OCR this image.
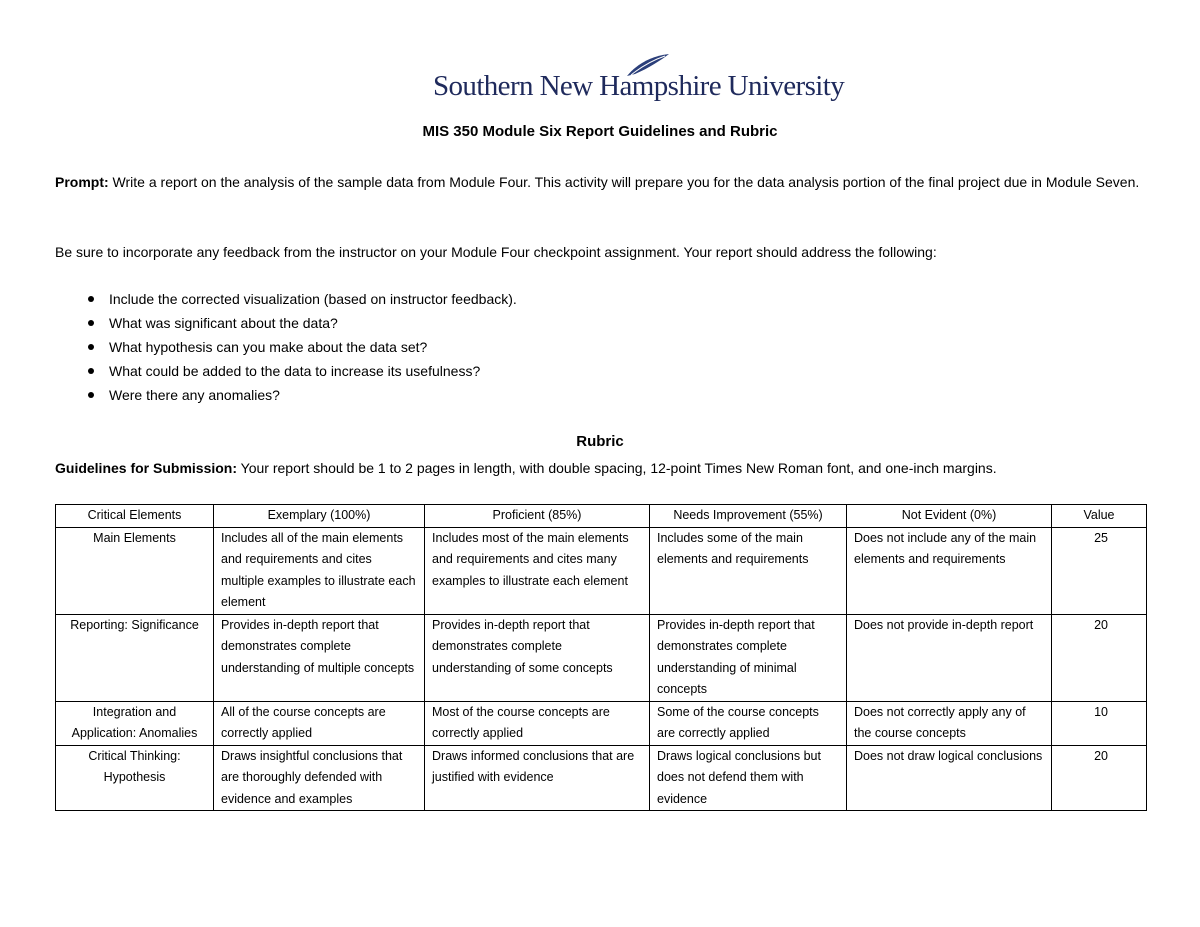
Southern New Hampshire University
MIS 350 Module Six Report Guidelines and Rubric
Prompt: Write a report on the analysis of the sample data from Module Four. This activity will prepare you for the data analysis portion of the final project due in Module Seven.
Be sure to incorporate any feedback from the instructor on your Module Four checkpoint assignment. Your report should address the following:
Include the corrected visualization (based on instructor feedback).
What was significant about the data?
What hypothesis can you make about the data set?
What could be added to the data to increase its usefulness?
Were there any anomalies?
Rubric
Guidelines for Submission: Your report should be 1 to 2 pages in length, with double spacing, 12-point Times New Roman font, and one-inch margins.
Critical Elements	Exemplary (100%)	Proficient (85%)	Needs Improvement (55%)	Not Evident (0%)	Value
Main Elements	Includes all of the main elements and requirements and cites multiple examples to illustrate each element	Includes most of the main elements and requirements and cites many examples to illustrate each element	Includes some of the main elements and requirements	Does not include any of the main elements and requirements	25
Reporting: Significance	Provides in-depth report that demonstrates complete understanding of multiple concepts	Provides in-depth report that demonstrates complete understanding of some concepts	Provides in-depth report that demonstrates complete understanding of minimal concepts	Does not provide in-depth report	20
Integration and Application: Anomalies	All of the course concepts are correctly applied	Most of the course concepts are correctly applied	Some of the course concepts are correctly applied	Does not correctly apply any of the course concepts	10
Critical Thinking: Hypothesis	Draws insightful conclusions that are thoroughly defended with evidence and examples	Draws informed conclusions that are justified with evidence	Draws logical conclusions but does not defend them with evidence	Does not draw logical conclusions	20
